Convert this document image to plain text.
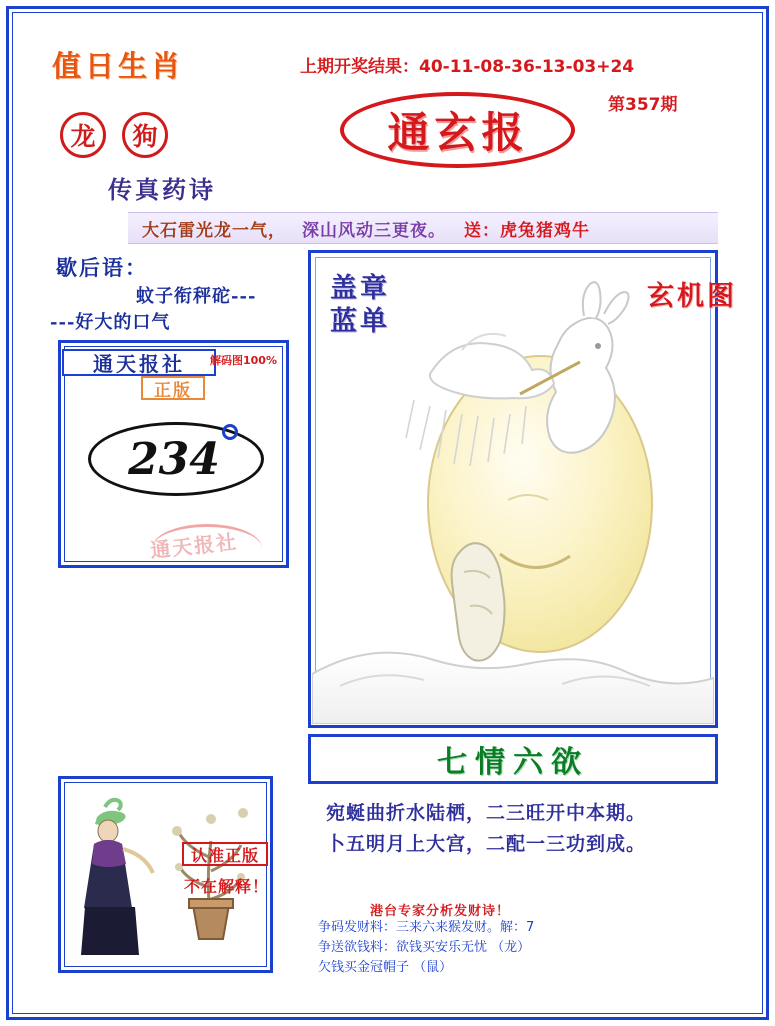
值日生肖
龙	狗
传真药诗
上期开奖结果：40-11-08-36-13-03+24
第357期
通玄报
大石雷光龙一气， 深山风动三更夜。 送：虎兔猪鸡牛
歇后语：
蚊子衔秤砣---
---好大的口气
通天报社	解码图100%
正版
234
通天报社
认准正版
不在解释！
盖章
蓝单
玄机图
七情六欲
宛蜒曲折水陆栖，二三旺开中本期。
卜五明月上大宫，二配一三功到成。
港台专家分析发财诗！
争码发财料：三来六来猴发财。解：7
争送欲钱料：欲钱买安乐无忧 （龙）
欠钱买金冠帽子 （鼠）
